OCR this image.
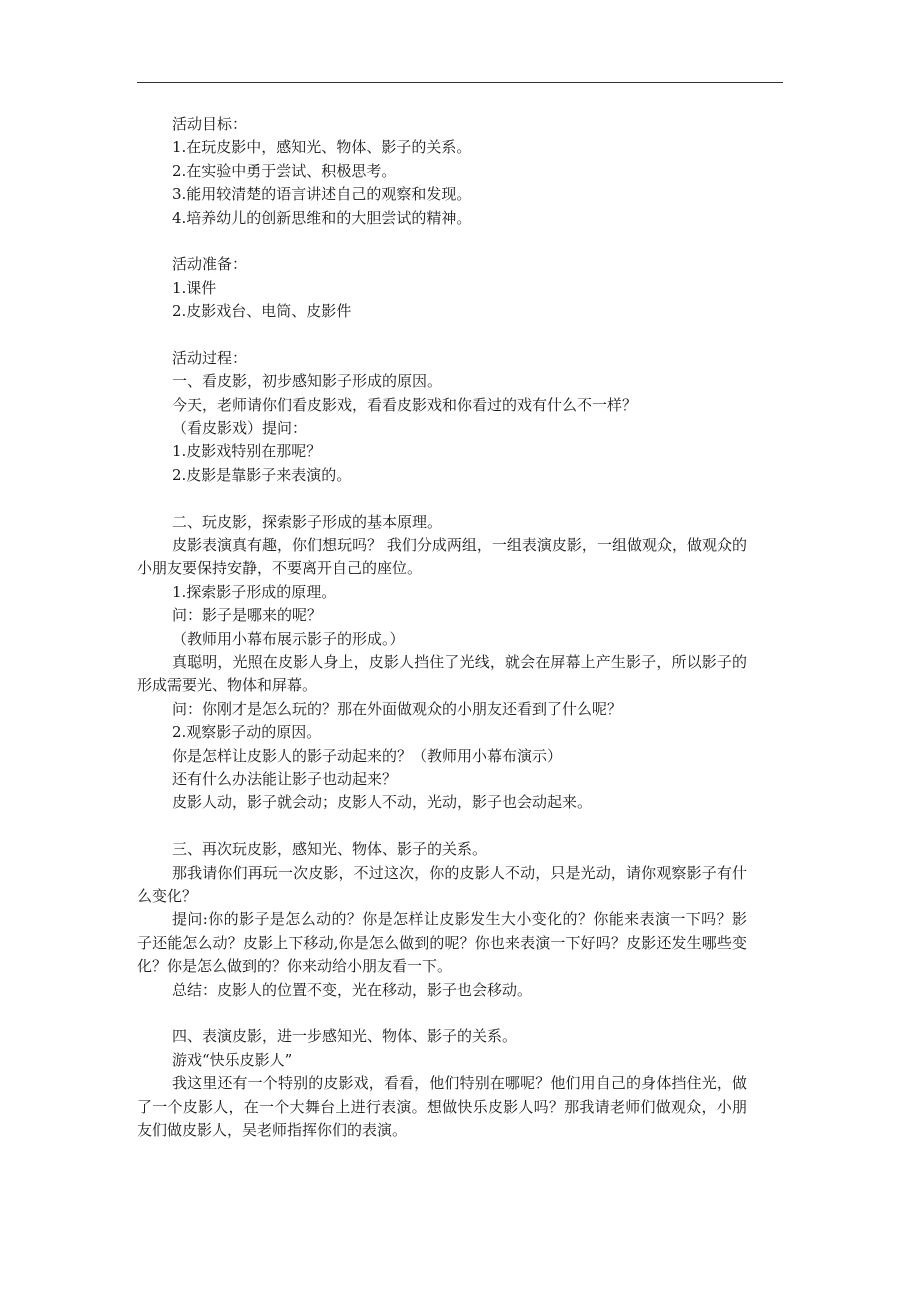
活动目标：
1.在玩皮影中，感知光、物体、影子的关系。
2.在实验中勇于尝试、积极思考。
3.能用较清楚的语言讲述自己的观察和发现。
4.培养幼儿的创新思维和的大胆尝试的精神。
活动准备：
1.课件
2.皮影戏台、电筒、皮影件
活动过程：
一、看皮影，初步感知影子形成的原因。
今天，老师请你们看皮影戏，看看皮影戏和你看过的戏有什么不一样？
（看皮影戏）提问：
1.皮影戏特别在那呢？
2.皮影是靠影子来表演的。
二、玩皮影，探索影子形成的基本原理。
皮影表演真有趣，你们想玩吗？ 我们分成两组，一组表演皮影，一组做观众，做观众的小朋友要保持安静，不要离开自己的座位。
1.探索影子形成的原理。
问：影子是哪来的呢？
（教师用小幕布展示影子的形成。）
真聪明，光照在皮影人身上，皮影人挡住了光线，就会在屏幕上产生影子，所以影子的形成需要光、物体和屏幕。
问：你刚才是怎么玩的？那在外面做观众的小朋友还看到了什么呢？
2.观察影子动的原因。
你是怎样让皮影人的影子动起来的？（教师用小幕布演示）
还有什么办法能让影子也动起来？
皮影人动，影子就会动；皮影人不动，光动，影子也会动起来。
三、再次玩皮影，感知光、物体、影子的关系。
那我请你们再玩一次皮影，不过这次，你的皮影人不动，只是光动，请你观察影子有什么变化？
提问:你的影子是怎么动的？你是怎样让皮影发生大小变化的？你能来表演一下吗？影子还能怎么动？皮影上下移动,你是怎么做到的呢？你也来表演一下好吗？皮影还发生哪些变化？你是怎么做到的？你来动给小朋友看一下。
总结：皮影人的位置不变，光在移动，影子也会移动。
四、表演皮影，进一步感知光、物体、影子的关系。
游戏“快乐皮影人”
我这里还有一个特别的皮影戏，看看，他们特别在哪呢？他们用自己的身体挡住光，做了一个皮影人，在一个大舞台上进行表演。想做快乐皮影人吗？那我请老师们做观众，小朋友们做皮影人，吴老师指挥你们的表演。
